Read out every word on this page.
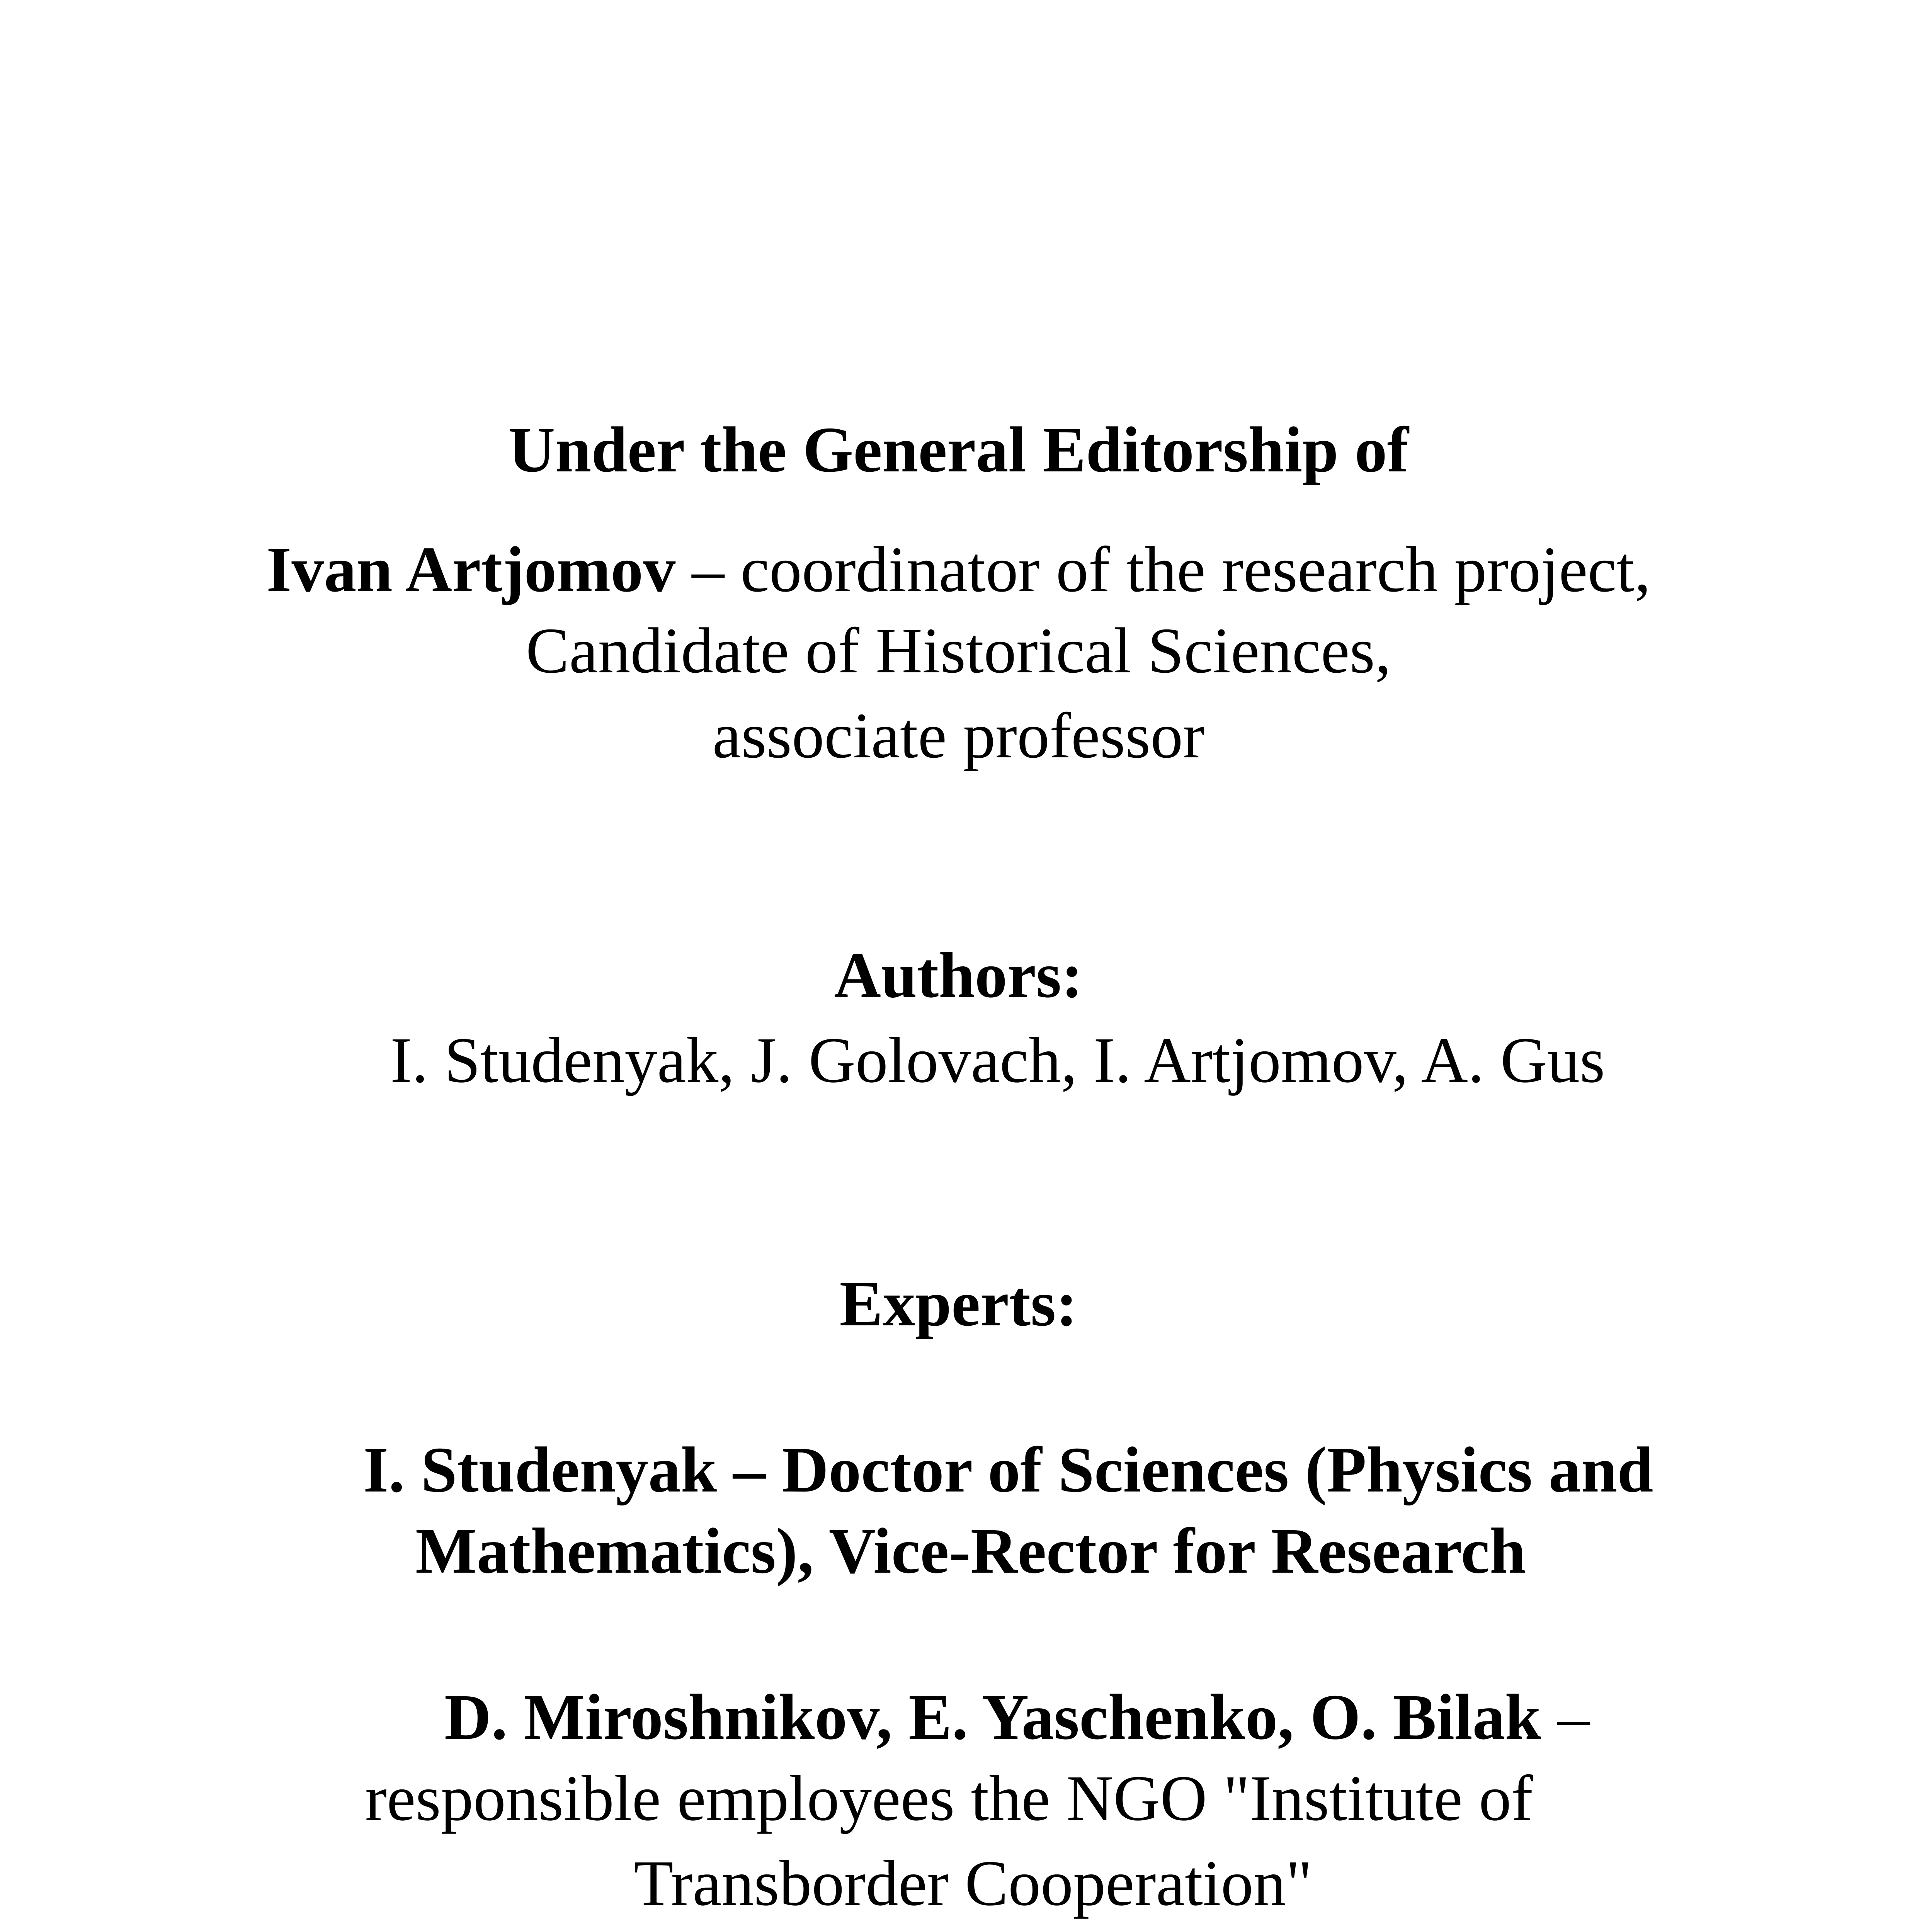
Under the General Editorship of
Ivan Artjomov – coordinator of the research project,
Candidate of Historical Sciences,
associate professor
Authors:
I. Studenyak, J. Golovach, I. Artjomov, A. Gus
Experts:
I. Studenyak – Doctor of Sciences (Physics and
Mathematics), Vice-Rector for Research
D. Miroshnikov, E. Yaschenko, O. Bilak –
responsible employees the NGO "Institute of
Transborder Cooperation"
